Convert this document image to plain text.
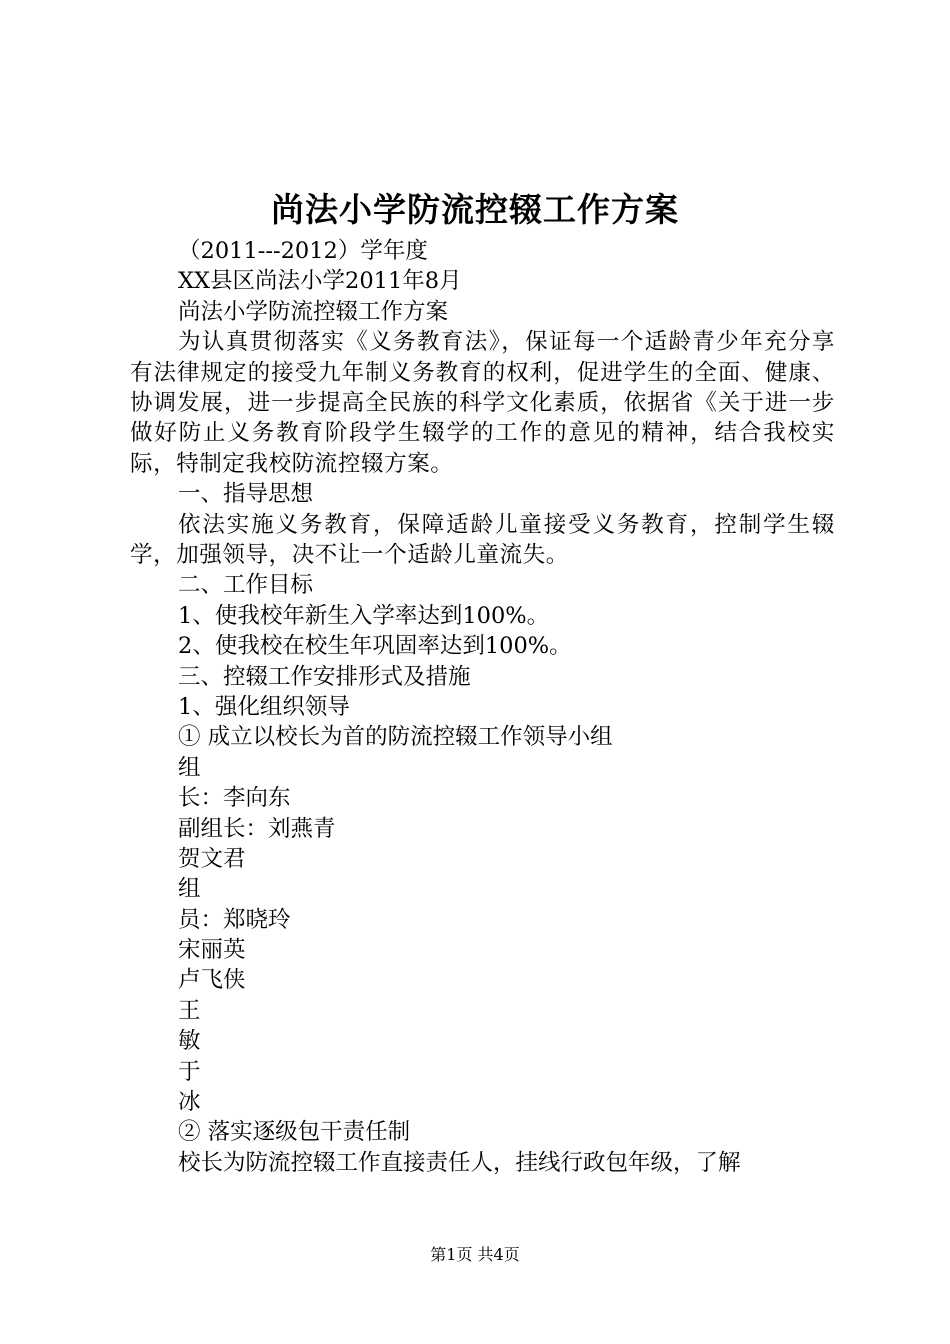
尚法小学防流控辍工作方案
（2011---2012）学年度
XX县区尚法小学2011年8月
尚法小学防流控辍工作方案
为认真贯彻落实《义务教育法》，保证每一个适龄青少年充分享有法律规定的接受九年制义务教育的权利，促进学生的全面、健康、协调发展，进一步提高全民族的科学文化素质，依据省《关于进一步做好防止义务教育阶段学生辍学的工作的意见的精神，结合我校实际，特制定我校防流控辍方案。
一、指导思想
依法实施义务教育，保障适龄儿童接受义务教育，控制学生辍学，加强领导，决不让一个适龄儿童流失。
二、工作目标
1、使我校年新生入学率达到100%。
2、使我校在校生年巩固率达到100%。
三、控辍工作安排形式及措施
1、强化组织领导
① 成立以校长为首的防流控辍工作领导小组
组
长：李向东
副组长：刘燕青
贺文君
组
员：郑晓玲
宋丽英
卢飞侠
王
敏
于
冰
② 落实逐级包干责任制
校长为防流控辍工作直接责任人，挂线行政包年级，了解
第1页 共4页
